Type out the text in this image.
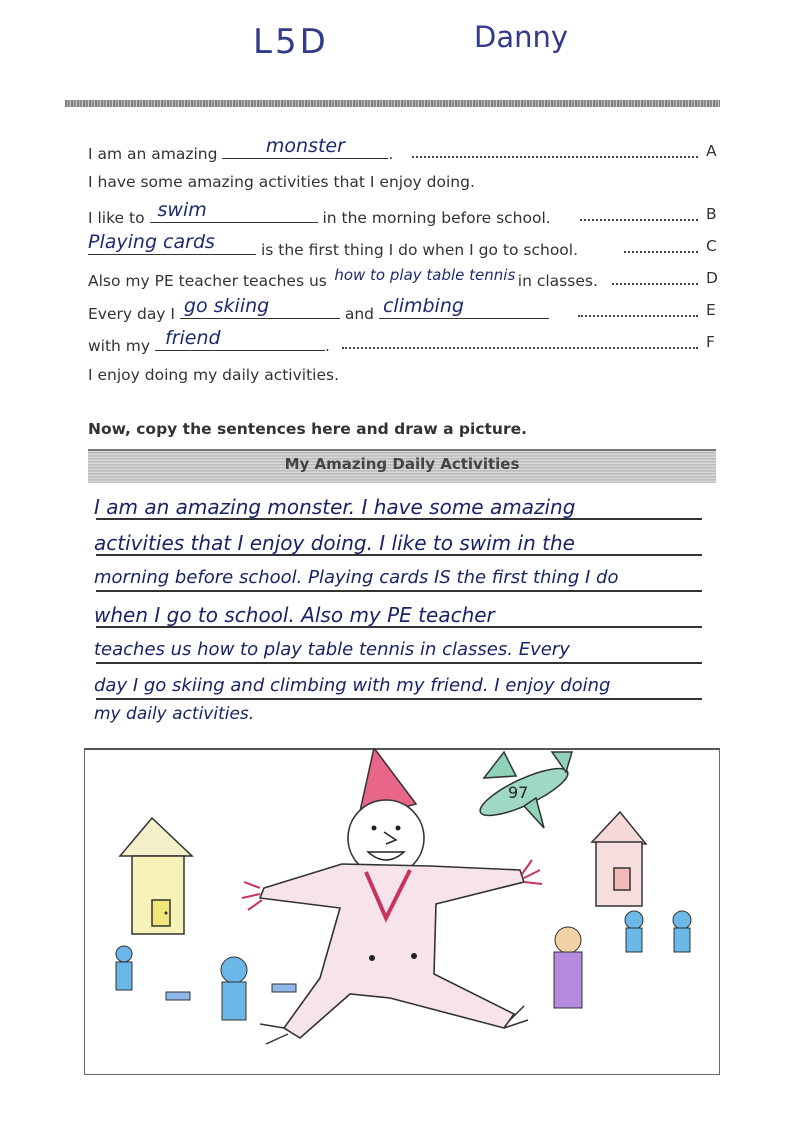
L5D	Danny
I am an amazing	monster	.	A
I have some amazing activities that I enjoy doing.
I like to swim	in the morning before school.	B
Playing cards	is the first thing I do when I go to school.	C
Also my PE teacher teaches us how to play table tennis in classes.	D
Every day I go skiing	and climbing	E
with my friend	.	F
I enjoy doing my daily activities.
Now, copy the sentences here and draw a picture.
My Amazing Daily Activities
I am an amazing monster. I have some amazing
activities that I enjoy doing. I like to swim in the
morning before school. Playing cards IS the first thing I do
when I go to school. Also my PE teacher
teaches us how to play table tennis in classes. Every
day I go skiing and climbing with my friend. I enjoy doing
my daily activities.
97
